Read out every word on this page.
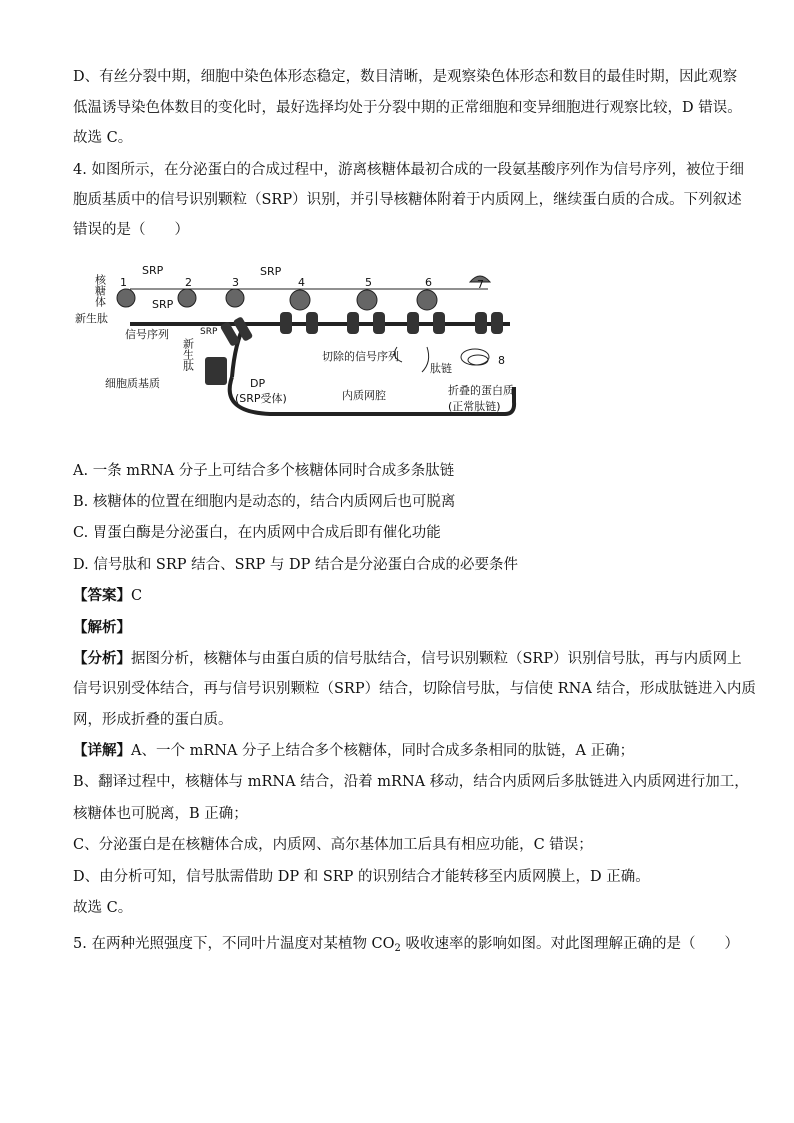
D、有丝分裂中期，细胞中染色体形态稳定，数目清晰，是观察染色体形态和数目的最佳时期，因此观察
低温诱导染色体数目的变化时，最好选择均处于分裂中期的正常细胞和变异细胞进行观察比较，D 错误。
故选 C。
4. 如图所示，在分泌蛋白的合成过程中，游离核糖体最初合成的一段氨基酸序列作为信号序列，被位于细
胞质基质中的信号识别颗粒（SRP）识别，并引导核糖体附着于内质网上，继续蛋白质的合成。下列叙述
错误的是（　　）
核糖体
新生肽
信号序列
新生肽
细胞质基质	DP
(SRP受体)	内质网腔
切除的信号序列
肽链
折叠的蛋白质
(正常肽链)
SRP
SRP
SRP
SRP
1	2	3	4	5	6	7
8
A. 一条 mRNA 分子上可结合多个核糖体同时合成多条肽链
B. 核糖体的位置在细胞内是动态的，结合内质网后也可脱离
C. 胃蛋白酶是分泌蛋白，在内质网中合成后即有催化功能
D. 信号肽和 SRP 结合、SRP 与 DP 结合是分泌蛋白合成的必要条件
【答案】C
【解析】
【分析】据图分析，核糖体与由蛋白质的信号肽结合，信号识别颗粒（SRP）识别信号肽，再与内质网上
信号识别受体结合，再与信号识别颗粒（SRP）结合，切除信号肽，与信使 RNA 结合，形成肽链进入内质
网，形成折叠的蛋白质。
【详解】A、一个 mRNA 分子上结合多个核糖体，同时合成多条相同的肽链，A 正确；
B、翻译过程中，核糖体与 mRNA 结合，沿着 mRNA 移动，结合内质网后多肽链进入内质网进行加工，
核糖体也可脱离，B 正确；
C、分泌蛋白是在核糖体合成，内质网、高尔基体加工后具有相应功能，C 错误；
D、由分析可知，信号肽需借助 DP 和 SRP 的识别结合才能转移至内质网膜上，D 正确。
故选 C。
5. 在两种光照强度下，不同叶片温度对某植物 $CO_2$ 吸收速率的影响如图。对此图理解正确的是（　　）
